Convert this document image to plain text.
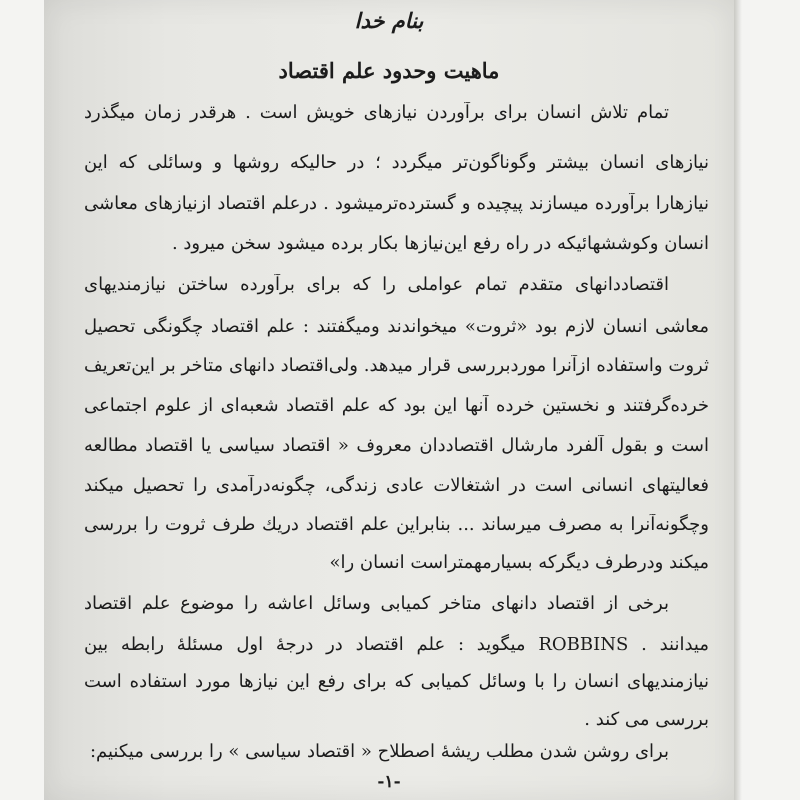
بنام خدا
ماهیت وحدود علم اقتصاد
تمام تلاش انسان برای برآوردن نیازهای خویش است . هرقدر زمان میگذرد
نیازهای انسان بیشتر وگوناگون‌تر میگردد ؛ در حالیکه روشها و وسائلی که این
نیازهارا برآورده میسازند پیچیده و گسترده‌ترمیشود . درعلم اقتصاد ازنیازهای معاشی
انسان وکوششهائیکه در راه رفع این‌نیازها بکار برده میشود سخن میرود .
اقتصاددانهای متقدم تمام عواملی را که برای برآورده ساختن نیازمندیهای
معاشی انسان لازم بود «ثروت» میخواندند ومیگفتند : علم اقتصاد چگونگی تحصیل
ثروت واستفاده ازآنرا موردبررسی قرار میدهد. ولی‌اقتصاد دانهای متاخر بر این‌تعریف
خرده‌گرفتند و نخستین خرده آنها این بود که علم اقتصاد شعبه‌ای از علوم اجتماعی
است و بقول آلفرد مارشال اقتصاددان معروف « اقتصاد سیاسی یا اقتصاد مطالعه
فعالیتهای انسانی است در اشتغالات عادی زندگی، چگونه‌درآمدی را تحصیل میکند
وچگونه‌آنرا به مصرف میرساند ... بنابراین علم اقتصاد دریك طرف ثروت را بررسی
میکند ودرطرف دیگرکه بسیارمهمتراست انسان را»
برخی از اقتصاد دانهای متاخر کمیابی وسائل اعاشه را موضوع علم اقتصاد
میدانند . ROBBINS میگوید : علم اقتصاد در درجهٔ اول مسئلهٔ رابطه بین
نیازمندیهای انسان را با وسائل کمیابی که برای رفع این نیازها مورد استفاده است
بررسی می کند .
برای روشن شدن مطلب ریشهٔ اصطلاح « اقتصاد سیاسی » را بررسی میکنیم:
-۱-
